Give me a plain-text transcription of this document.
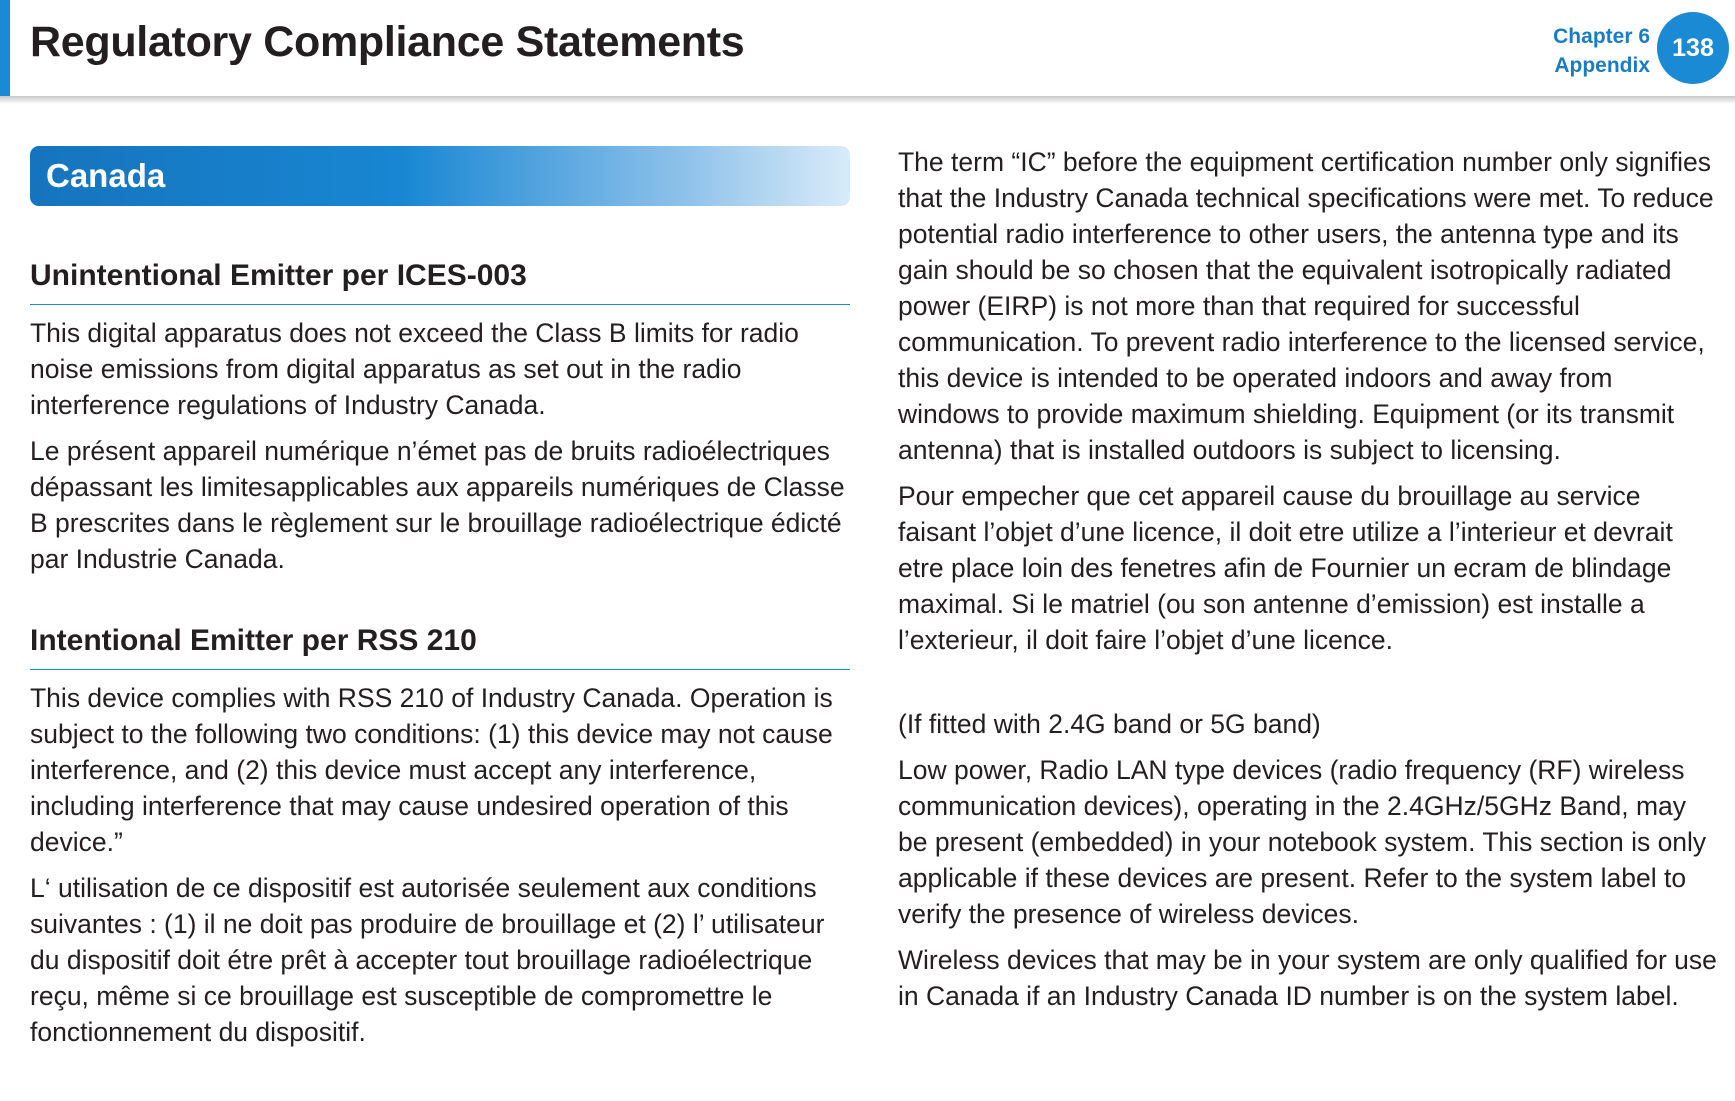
Regulatory Compliance Statements	Chapter 6
Appendix
138
Canada
Unintentional Emitter per ICES-003

This digital apparatus does not exceed the Class B limits for radio noise emissions from digital apparatus as set out in the radio interference regulations of Industry Canada.

Le présent appareil numérique n’émet pas de bruits radioélectriques dépassant les limitesapplicables aux appareils numériques de Classe B prescrites dans le règlement sur le brouillage radioélectrique édicté par Industrie Canada.

Intentional Emitter per RSS 210

This device complies with RSS 210 of Industry Canada. Operation is subject to the following two conditions: (1) this device may not cause interference, and (2) this device must accept any interference, including interference that may cause undesired operation of this device.”

L‘ utilisation de ce dispositif est autorisée seulement aux conditions suivantes : (1) il ne doit pas produire de brouillage et (2) l’ utilisateur du dispositif doit étre prêt à accepter tout brouillage radioélectrique reçu, même si ce brouillage est susceptible de compromettre le fonctionnement du dispositif.

The term “IC” before the equipment certiﬁcation number only signiﬁes that the Industry Canada technical speciﬁcations were met. To reduce potential radio interference to other users, the antenna type and its gain should be so chosen that the equivalent isotropically radiated power (EIRP) is not more than that required for successful communication. To prevent radio interference to the licensed service, this device is intended to be operated indoors and away from windows to provide maximum shielding. Equipment (or its transmit antenna) that is installed outdoors is subject to licensing.

Pour empecher que cet appareil cause du brouillage au service faisant l’objet d’une licence, il doit etre utilize a l’interieur et devrait etre place loin des fenetres aﬁn de Fournier un ecram de blindage maximal. Si le matriel (ou son antenne d’emission) est installe a l’exterieur, il doit faire l’objet d’une licence.

(If ﬁtted with 2.4G band or 5G band)

Low power, Radio LAN type devices (radio frequency (RF) wireless communication devices), operating in the 2.4GHz/5GHz Band, may be present (embedded) in your notebook system. This section is only applicable if these devices are present. Refer to the system label to verify the presence of wireless devices.

Wireless devices that may be in your system are only qualiﬁed for use in Canada if an Industry Canada ID number is on the system label.
